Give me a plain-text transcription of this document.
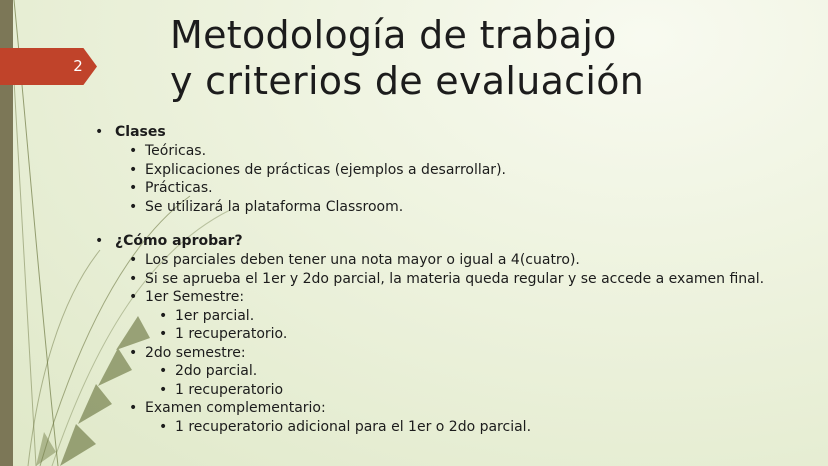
2
Metodología de trabajo
y criterios de evaluación
• Clases
• Teóricas.
• Explicaciones de prácticas (ejemplos a desarrollar).
• Prácticas.
• Se utilizará la plataforma Classroom.
• ¿Cómo aprobar?
• Los parciales deben tener una nota mayor o igual a 4(cuatro).
• Si se aprueba el 1er y 2do parcial, la materia queda regular y se accede a examen final.
• 1er Semestre:
• 1er parcial.
• 1 recuperatorio.
• 2do semestre:
• 2do parcial.
• 1 recuperatorio
• Examen complementario:
• 1 recuperatorio adicional para el 1er o 2do parcial.
